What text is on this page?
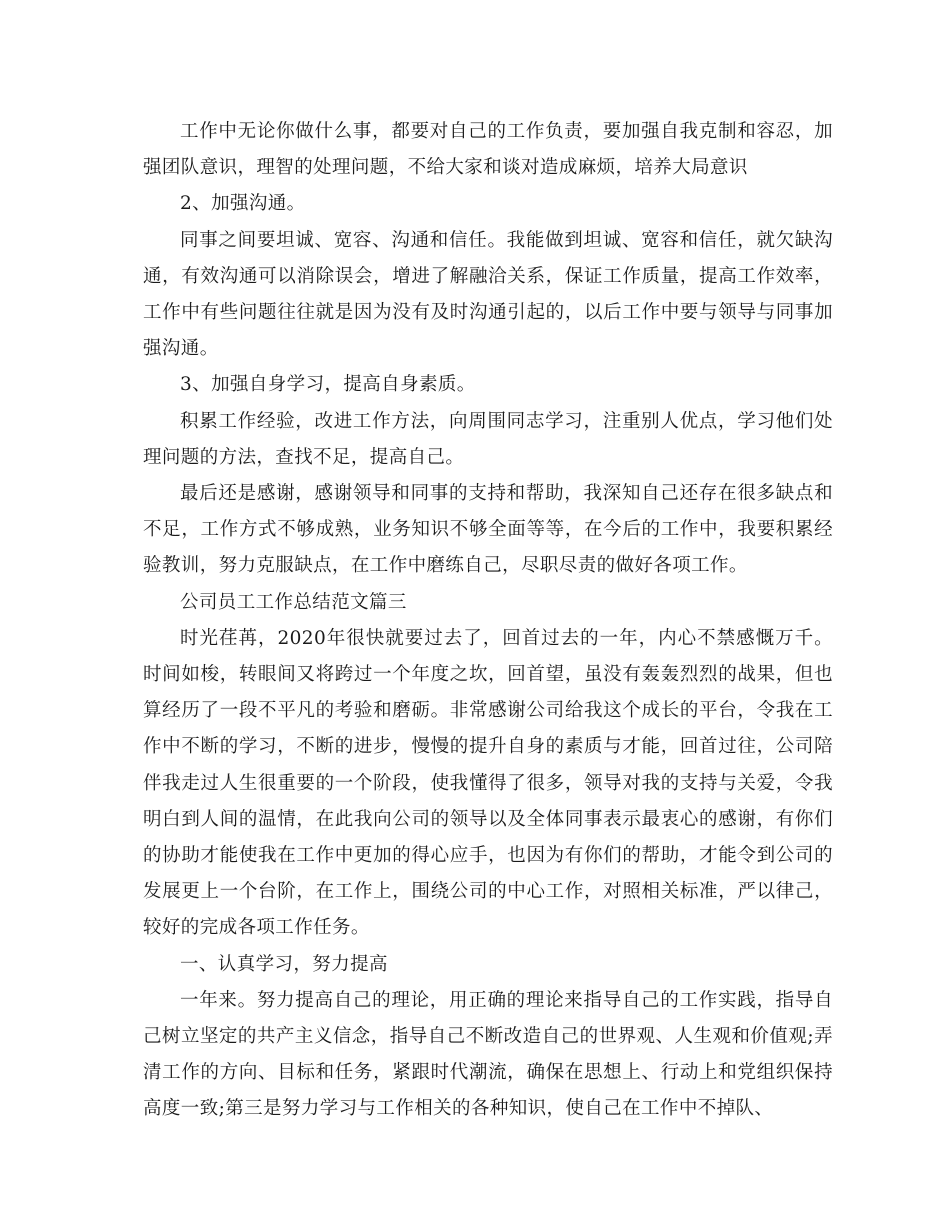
工作中无论你做什么事，都要对自己的工作负责，要加强自我克制和容忍，加强团队意识，理智的处理问题，不给大家和谈对造成麻烦，培养大局意识

2、加强沟通。

同事之间要坦诚、宽容、沟通和信任。我能做到坦诚、宽容和信任，就欠缺沟通，有效沟通可以消除误会，增进了解融洽关系，保证工作质量，提高工作效率，工作中有些问题往往就是因为没有及时沟通引起的，以后工作中要与领导与同事加强沟通。

3、加强自身学习，提高自身素质。

积累工作经验，改进工作方法，向周围同志学习，注重别人优点，学习他们处理问题的方法，查找不足，提高自己。

最后还是感谢，感谢领导和同事的支持和帮助，我深知自己还存在很多缺点和不足，工作方式不够成熟，业务知识不够全面等等，在今后的工作中，我要积累经验教训，努力克服缺点，在工作中磨练自己，尽职尽责的做好各项工作。

公司员工工作总结范文篇三

时光荏苒，2020年很快就要过去了，回首过去的一年，内心不禁感慨万千。时间如梭，转眼间又将跨过一个年度之坎，回首望，虽没有轰轰烈烈的战果，但也算经历了一段不平凡的考验和磨砺。非常感谢公司给我这个成长的平台，令我在工作中不断的学习，不断的进步，慢慢的提升自身的素质与才能，回首过往，公司陪伴我走过人生很重要的一个阶段，使我懂得了很多，领导对我的支持与关爱，令我明白到人间的温情，在此我向公司的领导以及全体同事表示最衷心的感谢，有你们的协助才能使我在工作中更加的得心应手，也因为有你们的帮助，才能令到公司的发展更上一个台阶，在工作上，围绕公司的中心工作，对照相关标准，严以律己，较好的完成各项工作任务。

一、认真学习，努力提高

一年来。努力提高自己的理论，用正确的理论来指导自己的工作实践，指导自己树立坚定的共产主义信念，指导自己不断改造自己的世界观、人生观和价值观;弄清工作的方向、目标和任务，紧跟时代潮流，确保在思想上、行动上和党组织保持高度一致;第三是努力学习与工作相关的各种知识，使自己在工作中不掉队、
